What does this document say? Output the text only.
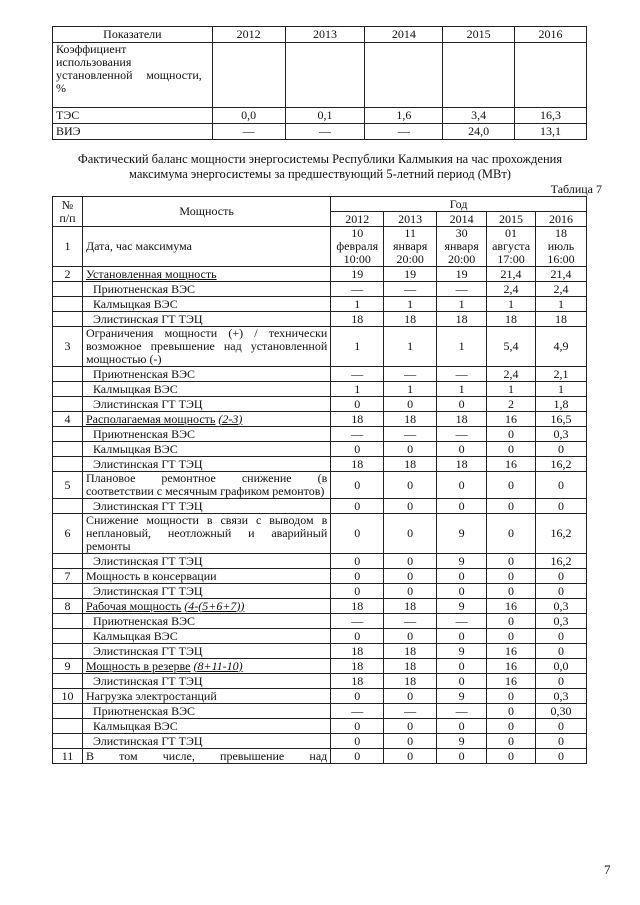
Показатели	2012	2013	2014	2015	2016
Коэффициент использования установленной мощности, %					
ТЭС	0,0	0,1	1,6	3,4	16,3
ВИЭ	—	—	—	24,0	13,1
Фактический баланс мощности энергосистемы Республики Калмыкия на час прохождения максимума энергосистемы за предшествующий 5-летний период (МВт)
Таблица 7
№ п/п	Мощность	Год				
		2012	2013	2014	2015	2016
1	Дата, час максимума	10
февраля
10:00	11
января
20:00	30
января
20:00	01
августа
17:00	18
июль
16:00
2	Установленная мощность	19	19	19	21,4	21,4
	Приютненская ВЭС	—	—	—	2,4	2,4
	Калмыцкая ВЭС	1	1	1	1	1
	Элистинская ГТ ТЭЦ	18	18	18	18	18
3	Ограничения мощности (+) / технически возможное превышение над установленной мощностью (-)	1	1	1	5,4	4,9
	Приютненская ВЭС	—	—	—	2,4	2,1
	Калмыцкая ВЭС	1	1	1	1	1
	Элистинская ГТ ТЭЦ	0	0	0	2	1,8
4	Располагаемая мощность (2-3)	18	18	18	16	16,5
	Приютненская ВЭС	—	—	—	0	0,3
	Калмыцкая ВЭС	0	0	0	0	0
	Элистинская ГТ ТЭЦ	18	18	18	16	16,2
5	Плановое ремонтное снижение (в соответствии с месячным графиком ремонтов)	0	0	0	0	0
	Элистинская ГТ ТЭЦ	0	0	0	0	0
6	Снижение мощности в связи с выводом в неплановый, неотложный и аварийный ремонты	0	0	9	0	16,2
	Элистинская ГТ ТЭЦ	0	0	9	0	16,2
7	Мощность в консервации	0	0	0	0	0
	Элистинская ГТ ТЭЦ	0	0	0	0	0
8	Рабочая мощность (4-(5+6+7))	18	18	9	16	0,3
	Приютненская ВЭС	—	—	—	0	0,3
	Калмыцкая ВЭС	0	0	0	0	0
	Элистинская ГТ ТЭЦ	18	18	9	16	0
9	Мощность в резерве (8+11-10)	18	18	0	16	0,0
	Элистинская ГТ ТЭЦ	18	18	0	16	0
10	Нагрузка электростанций	0	0	9	0	0,3
	Приютненская ВЭС	—	—	—	0	0,30
	Калмыцкая ВЭС	0	0	0	0	0
	Элистинская ГТ ТЭЦ	0	0	9	0	0
11	В том числе, превышение над	0	0	0	0	0
7
